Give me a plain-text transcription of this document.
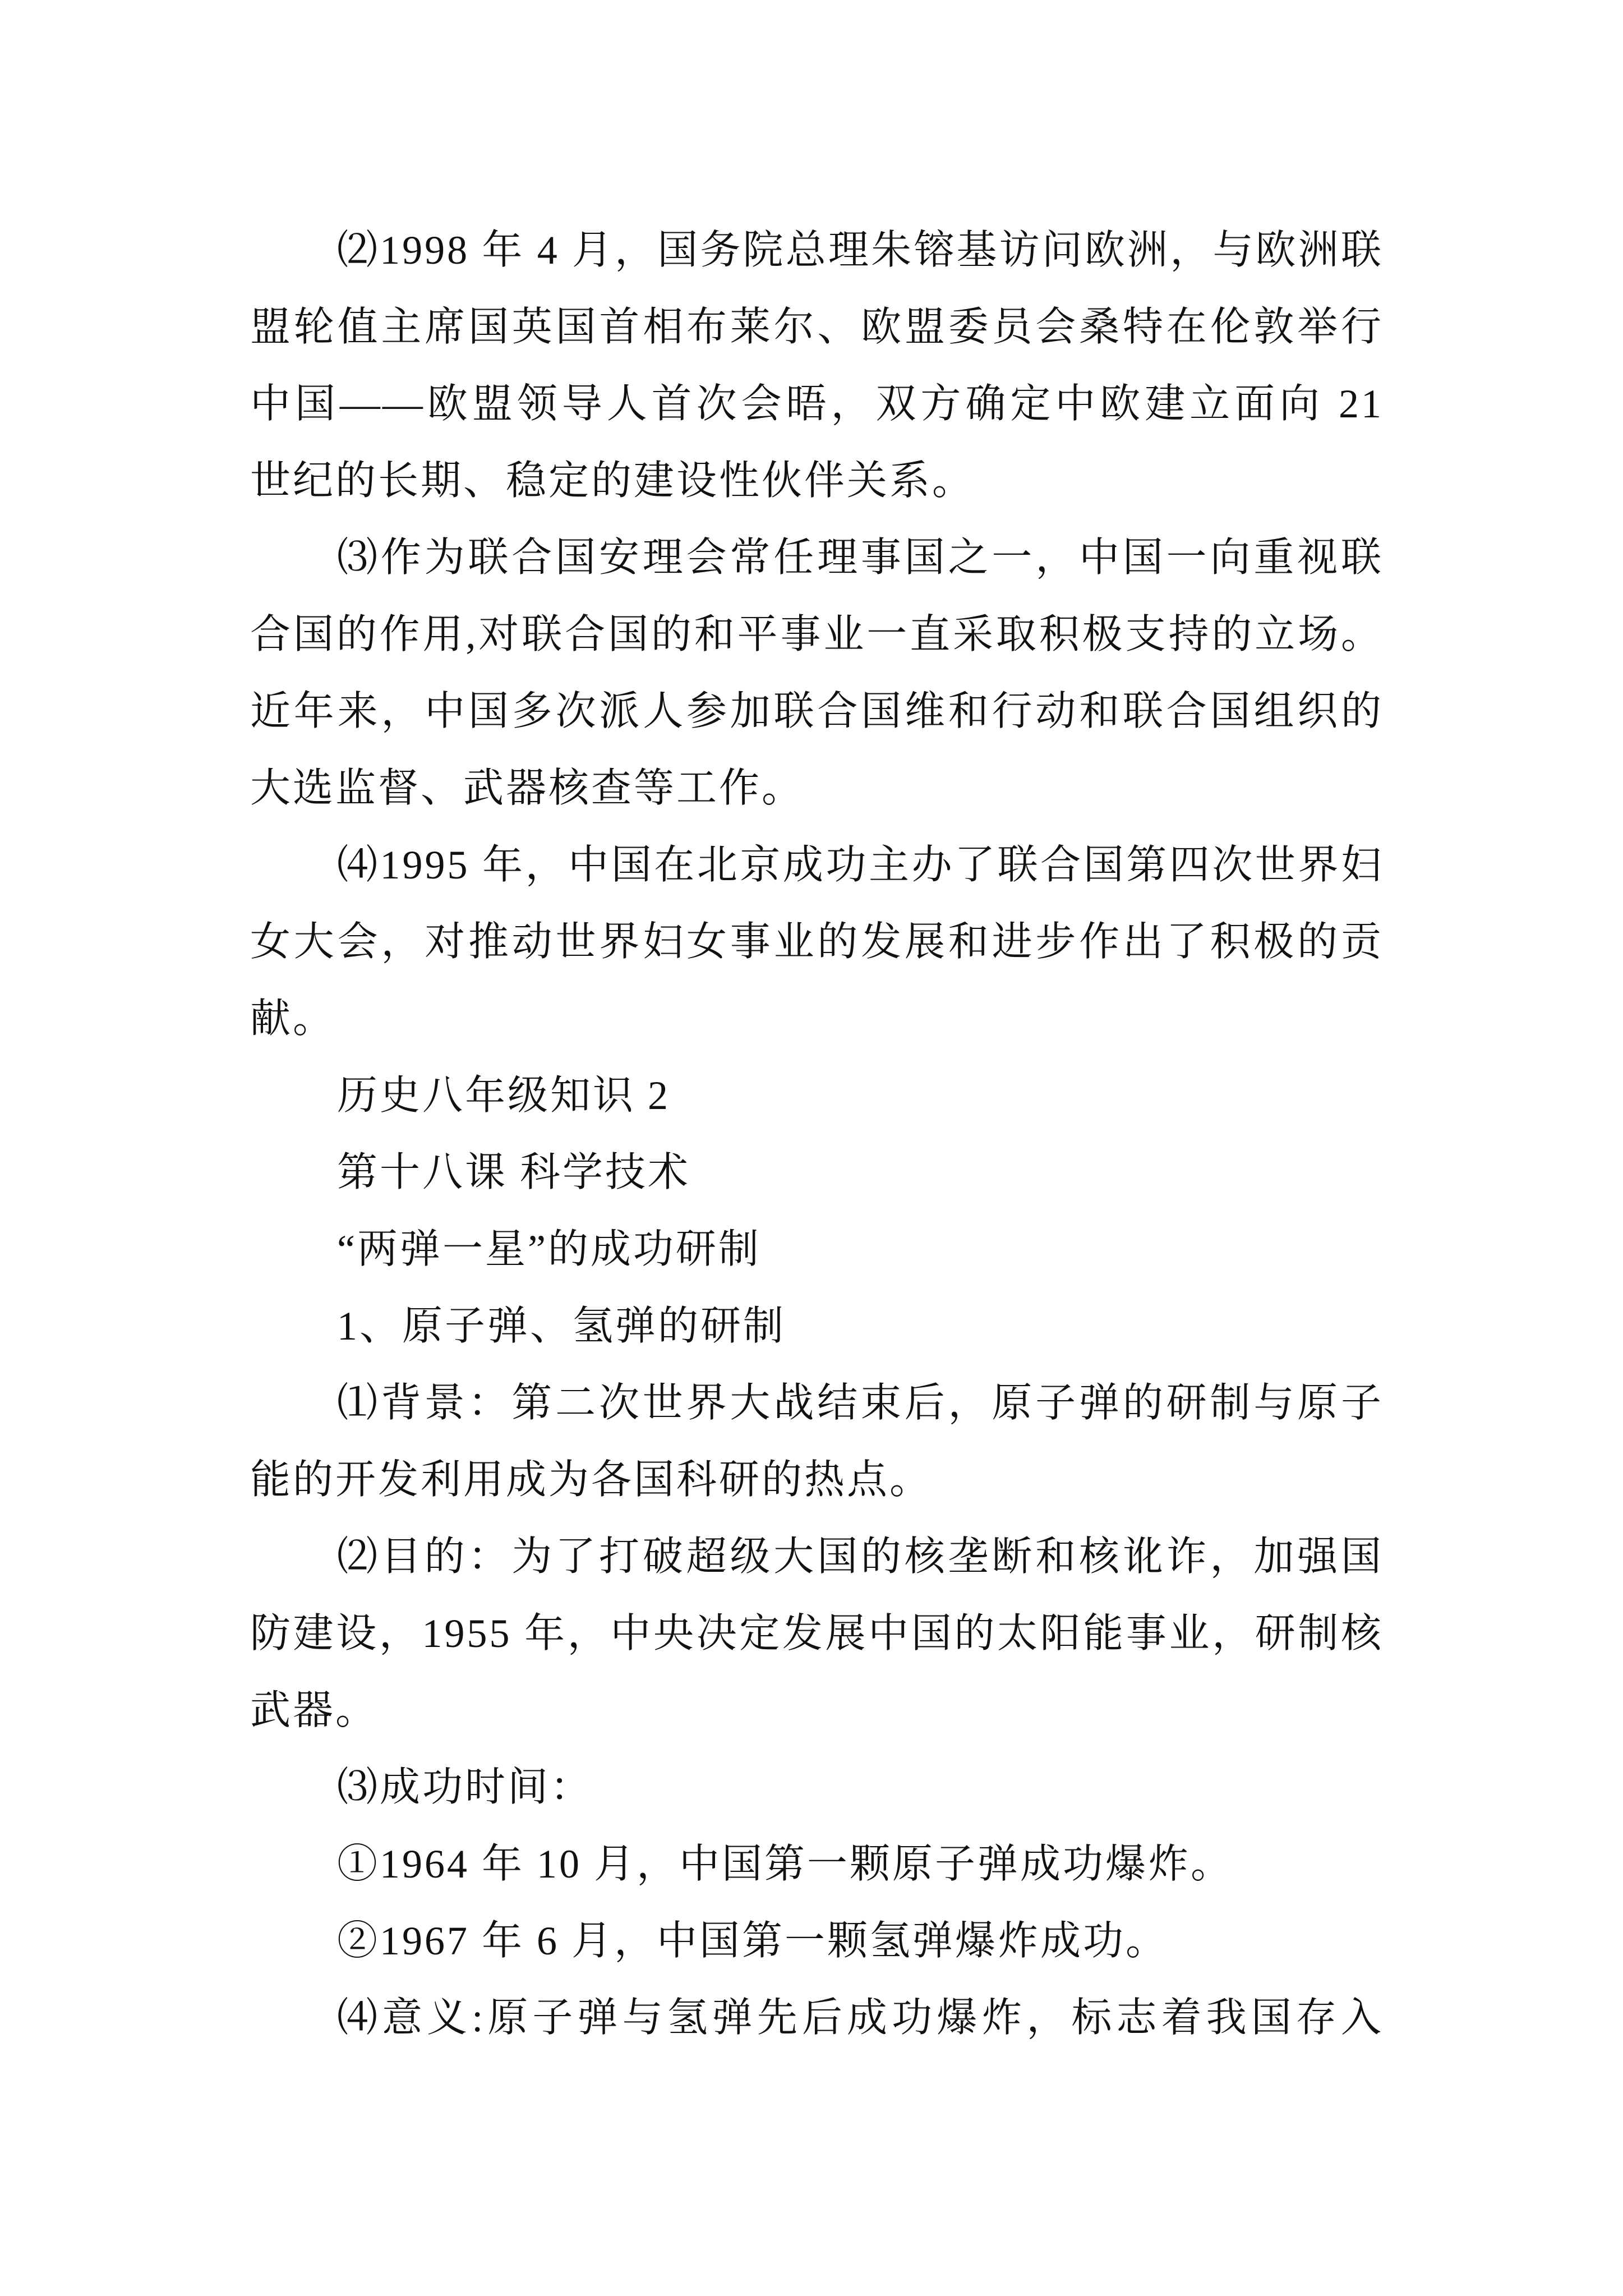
⑵1998 年 4 月，国务院总理朱镕基访问欧洲，与欧洲联
盟轮值主席国英国首相布莱尔、欧盟委员会桑特在伦敦举行
中国——欧盟领导人首次会晤，双方确定中欧建立面向 21
世纪的长期、稳定的建设性伙伴关系。
⑶作为联合国安理会常任理事国之一，中国一向重视联
合国的作用,对联合国的和平事业一直采取积极支持的立场。
近年来，中国多次派人参加联合国维和行动和联合国组织的
大选监督、武器核查等工作。
⑷1995 年，中国在北京成功主办了联合国第四次世界妇
女大会，对推动世界妇女事业的发展和进步作出了积极的贡
献。
历史八年级知识 2
第十八课 科学技术
“两弹一星”的成功研制
1、原子弹、氢弹的研制
⑴背景：第二次世界大战结束后，原子弹的研制与原子
能的开发利用成为各国科研的热点。
⑵目的：为了打破超级大国的核垄断和核讹诈，加强国
防建设，1955 年，中央决定发展中国的太阳能事业，研制核
武器。
⑶成功时间：
①1964 年 10 月，中国第一颗原子弹成功爆炸。
②1967 年 6 月，中国第一颗氢弹爆炸成功。
⑷意义:原子弹与氢弹先后成功爆炸，标志着我国存入
